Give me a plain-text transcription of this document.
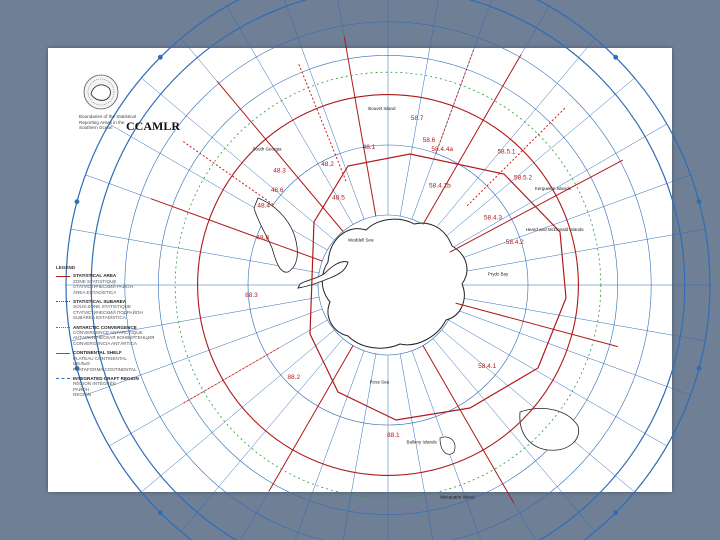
48.6
48.4
48.3
48.2
48.5
48.1
58.7
58.6
58.4.4a
58.4.1b
58.5.1
58.5.2
58.4.3
58.4.2
58.4.1
88.1
88.2
88.3
48.8	Weddell Sea
Ross Sea
Prydz Bay
South Georgia
Bouvet Island
Kerguelen Islands
Heard and McDonald Islands
Balleny Islands
Macquarie Island
CCAMLR
Boundaries of the Statistical Reporting Areas in the Southern Ocean
LEGEND
STATISTICAL AREA
ZONE STATISTIQUE
СТАТИСТИЧЕСКИЙ РАЙОН
ÁREA ESTADÍSTICA
STATISTICAL SUBAREA
SOUS-ZONE STATISTIQUE
СТАТИСТИЧЕСКИЙ ПОДРАЙОН
SUBÁREA ESTADÍSTICA
ANTARCTIC CONVERGENCE
CONVERGENCE ANTARCTIQUE
АНТАРКТИЧЕСКАЯ КОНВЕРГЕНЦИЯ
CONVERGENCIA ANTÁRTICA
CONTINENTAL SHELF
PLATEAU CONTINENTAL
ШЕЛЬФ
PLATAFORMA CONTINENTAL
INTEGRATED CRAFT REGION
RÉGION INTÉGRÉE
РАЙОН
REGIÓN
